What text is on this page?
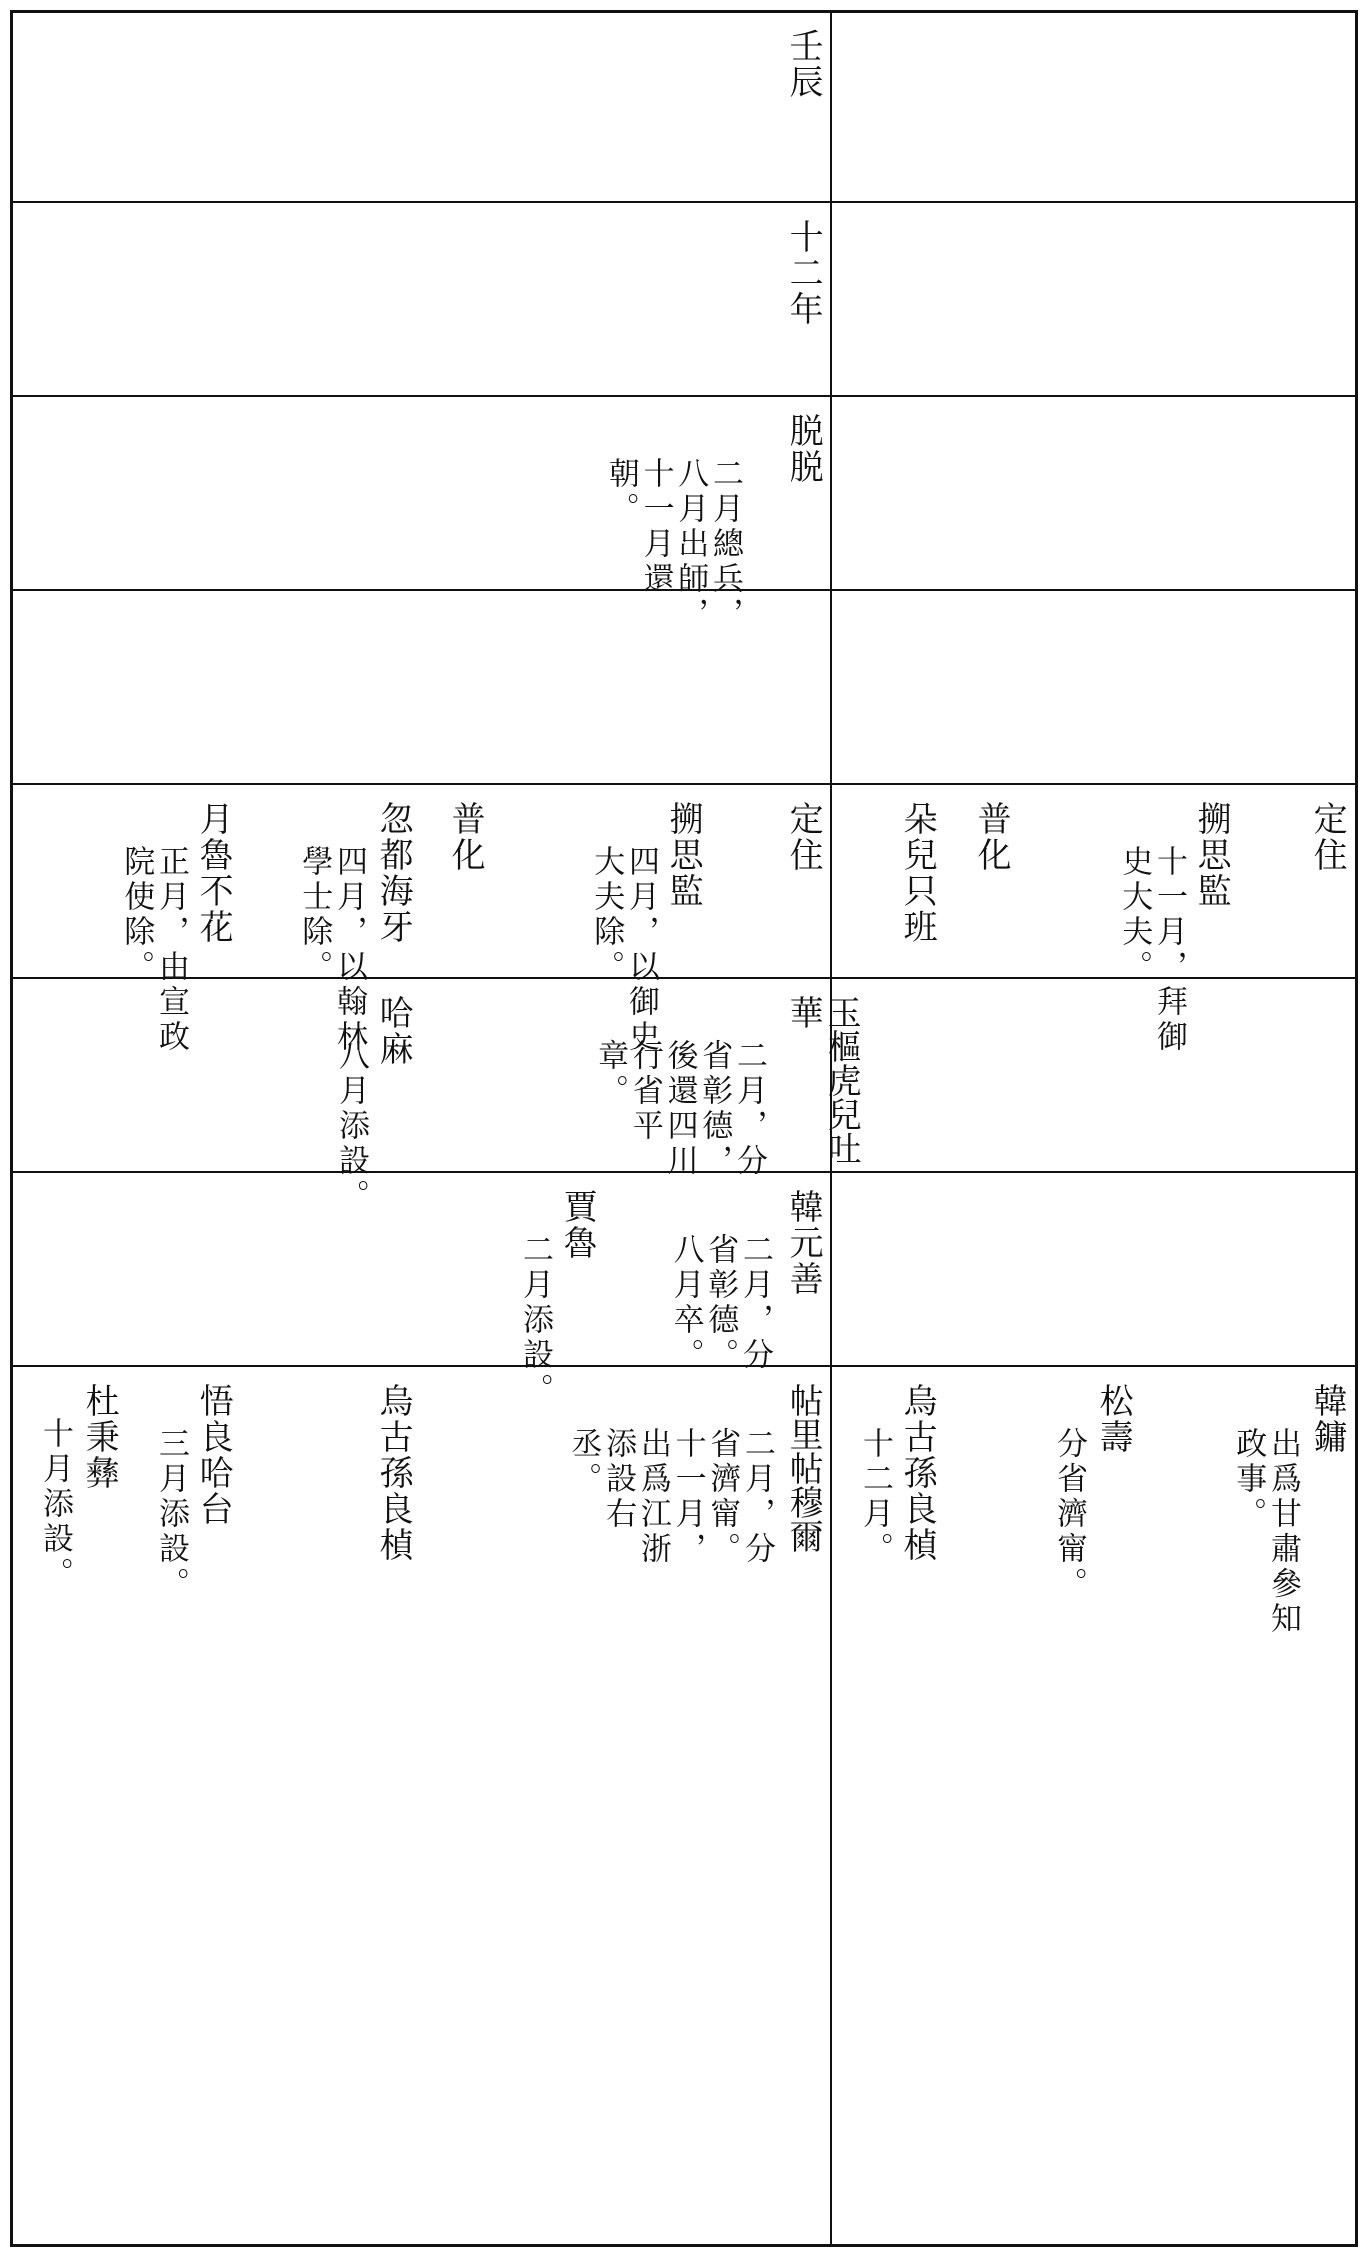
壬辰
十二年
脱脱
二月總兵，八月出師，十一月還朝。
定住
搠思監
四月，以御史大夫除。
普化
忽都海牙
四月，以翰林學士除。
月魯不花
正月，由宣政院使除。
定住
搠思監
十一月，拜御史大夫。
普化
朵兒只班
玉樞虎兒吐華
二月，分省彰德，後還四川行省平章。
哈麻
八月添設。
韓元善
二月，分省彰德。八月卒。
賈魯
二月添設。
帖里帖穆爾
二月，分省濟甯。十一月，出爲江浙添設右丞。
烏古孫良楨
悟良哈台
三月添設。
杜秉彝
十月添設。	韓鏞
出爲甘肅參知政事。
松壽
分省濟甯。
烏古孫良楨
十二月。
